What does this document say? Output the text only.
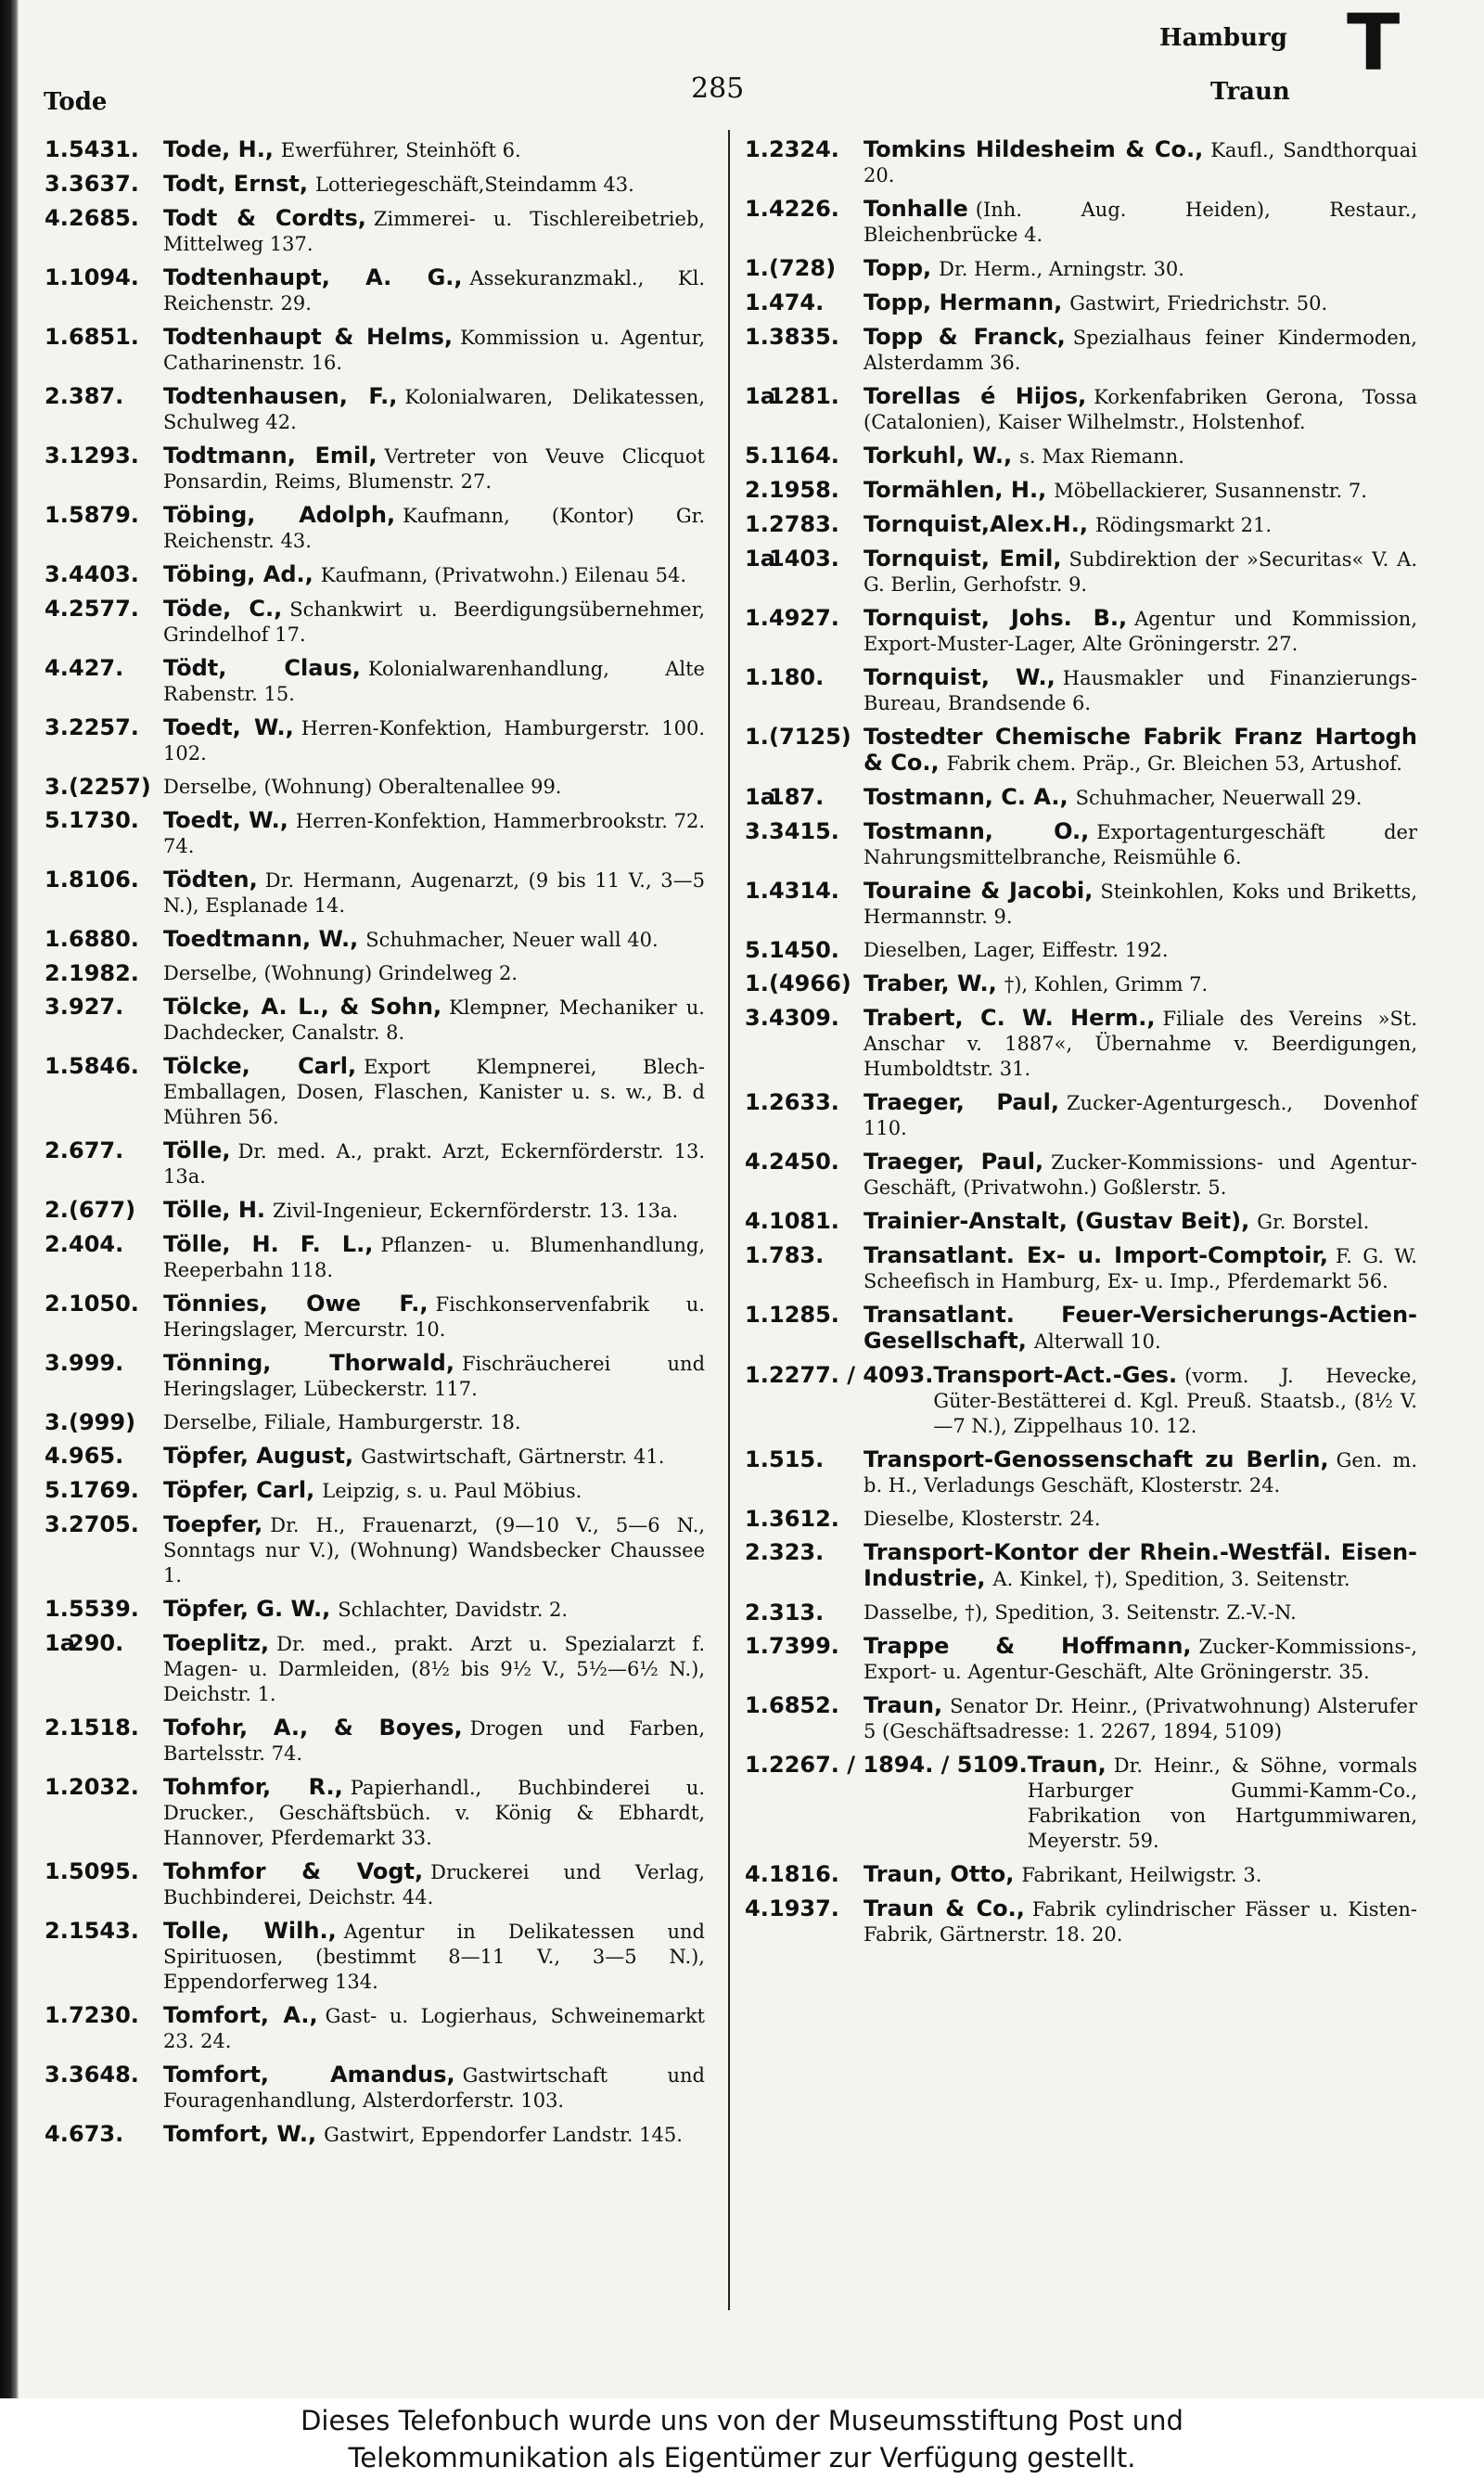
Tode	285
Hamburg
Traun
T
1.5431.	Tode, H., Ewerführer, Steinhöft 6.
3.3637.	Todt, Ernst, Lotteriegeschäft,Steindamm 43.
4.2685.	Todt & Cordts, Zimmerei- u. Tischlereibetrieb, Mittelweg 137.
1.1094.	Todtenhaupt, A. G., Assekuranzmakl., Kl. Reichenstr. 29.
1.6851.	Todtenhaupt & Helms, Kommission u. Agentur, Catharinenstr. 16.
2.387.	Todtenhausen, F., Kolonialwaren, Delikatessen, Schulweg 42.
3.1293.	Todtmann, Emil, Vertreter von Veuve Clicquot Ponsardin, Reims, Blumenstr. 27.
1.5879.	Töbing, Adolph, Kaufmann, (Kontor) Gr. Reichenstr. 43.
3.4403.	Töbing, Ad., Kaufmann, (Privatwohn.) Eilenau 54.
4.2577.	Töde, C., Schankwirt u. Beerdigungsübernehmer, Grindelhof 17.
4.427.	Tödt, Claus, Kolonialwarenhandlung, Alte Rabenstr. 15.
3.2257.	Toedt, W., Herren-Konfektion, Hamburgerstr. 100. 102.
3.(2257) Derselbe, (Wohnung) Oberaltenallee 99.
5.1730.	Toedt, W., Herren-Konfektion, Hammerbrookstr. 72. 74.
1.8106.	Tödten, Dr. Hermann, Augenarzt, (9 bis 11 V., 3—5 N.), Esplanade 14.
1.6880.	Toedtmann, W., Schuhmacher, Neuer wall 40.
2.1982.	Derselbe, (Wohnung) Grindelweg 2.
3.927.	Tölcke, A. L., & Sohn, Klempner, Mechaniker u. Dachdecker, Canalstr. 8.
1.5846.	Tölcke, Carl, Export Klempnerei, Blech-Emballagen, Dosen, Flaschen, Kanister u. s. w., B. d Mühren 56.
2.677.	Tölle, Dr. med. A., prakt. Arzt, Eckernförderstr. 13. 13a.
2.(677)	Tölle, H. Zivil-Ingenieur, Eckernförderstr. 13. 13a.
2.404.	Tölle, H. F. L., Pflanzen- u. Blumenhandlung, Reeperbahn 118.
2.1050.	Tönnies, Owe F., Fischkonservenfabrik u. Heringslager, Mercurstr. 10.
3.999.	Tönning, Thorwald, Fischräucherei und Heringslager, Lübeckerstr. 117.
3.(999)	Derselbe, Filiale, Hamburgerstr. 18.
4.965.	Töpfer, August, Gastwirtschaft, Gärtnerstr. 41.
5.1769.	Töpfer, Carl, Leipzig, s. u. Paul Möbius.
3.2705.	Toepfer, Dr. H., Frauenarzt, (9—10 V., 5—6 N., Sonntags nur V.), (Wohnung) Wandsbecker Chaussee 1.
1.5539.	Töpfer, G. W., Schlachter, Davidstr. 2.
1a290.	Toeplitz, Dr. med., prakt. Arzt u. Spezialarzt f. Magen- u. Darmleiden, (8½ bis 9½ V., 5½—6½ N.), Deichstr. 1.
2.1518.	Tofohr, A., & Boyes, Drogen und Farben, Bartelsstr. 74.
1.2032.	Tohmfor, R., Papierhandl., Buchbinderei u. Drucker., Geschäftsbüch. v. König & Ebhardt, Hannover, Pferdemarkt 33.
1.5095.	Tohmfor & Vogt, Druckerei und Verlag, Buchbinderei, Deichstr. 44.
2.1543.	Tolle, Wilh., Agentur in Delikatessen und Spirituosen, (bestimmt 8—11 V., 3—5 N.), Eppendorferweg 134.
1.7230.	Tomfort, A., Gast- u. Logierhaus, Schweinemarkt 23. 24.
3.3648.	Tomfort, Amandus, Gastwirtschaft und Fouragenhandlung, Alsterdorferstr. 103.
4.673.	Tomfort, W., Gastwirt, Eppendorfer Landstr. 145.
1.2324.	Tomkins Hildesheim & Co., Kaufl., Sandthorquai 20.
1.4226.	Tonhalle (Inh. Aug. Heiden), Restaur., Bleichenbrücke 4.
1.(728)	Topp, Dr. Herm., Arningstr. 30.
1.474.	Topp, Hermann, Gastwirt, Friedrichstr. 50.
1.3835.	Topp & Franck, Spezialhaus feiner Kindermoden, Alsterdamm 36.
1a1281.	Torellas é Hijos, Korkenfabriken Gerona, Tossa (Catalonien), Kaiser Wilhelmstr., Holstenhof.
5.1164.	Torkuhl, W., s. Max Riemann.
2.1958.	Tormählen, H., Möbellackierer, Susannenstr. 7.
1.2783.	Tornquist,Alex.H., Rödingsmarkt 21.
1a1403.	Tornquist, Emil, Subdirektion der »Securitas« V. A. G. Berlin, Gerhofstr. 9.
1.4927.	Tornquist, Johs. B., Agentur und Kommission, Export-Muster-Lager, Alte Gröningerstr. 27.
1.180.	Tornquist, W., Hausmakler und Finanzierungs-Bureau, Brandsende 6.
1.(7125) Tostedter Chemische Fabrik Franz Hartogh & Co., Fabrik chem. Präp., Gr. Bleichen 53, Artushof.
1a187.	Tostmann, C. A., Schuhmacher, Neuerwall 29.
3.3415.	Tostmann, O., Exportagenturgeschäft der Nahrungsmittelbranche, Reismühle 6.
1.4314.	Touraine & Jacobi, Steinkohlen, Koks und Briketts, Hermannstr. 9.
5.1450.	Dieselben, Lager, Eiffestr. 192.
1.(4966) Traber, W., †), Kohlen, Grimm 7.
3.4309.	Trabert, C. W. Herm., Filiale des Vereins »St. Anschar v. 1887«, Übernahme v. Beerdigungen, Humboldtstr. 31.
1.2633.	Traeger, Paul, Zucker-Agenturgesch., Dovenhof 110.
4.2450.	Traeger, Paul, Zucker-Kommissions- und Agentur-Geschäft, (Privatwohn.) Goßlerstr. 5.
4.1081.	Trainier-Anstalt, (Gustav Beit), Gr. Borstel.
1.783.	Transatlant. Ex- u. Import-Comptoir, F. G. W. Scheefisch in Hamburg, Ex- u. Imp., Pferdemarkt 56.
1.1285.	Transatlant. Feuer-Versicherungs-Actien-Gesellschaft, Alterwall 10.
1.2277. / 4093. Transport-Act.-Ges. (vorm. J. Hevecke, Güter-Bestätterei d. Kgl. Preuß. Staatsb., (8½ V.—7 N.), Zippelhaus 10. 12.
1.515.	Transport-Genossenschaft zu Berlin, Gen. m. b. H., Verladungs Geschäft, Klosterstr. 24.
1.3612.	Dieselbe, Klosterstr. 24.
2.323.	Transport-Kontor der Rhein.-Westfäl. Eisen-Industrie, A. Kinkel, †), Spedition, 3. Seitenstr.
2.313.	Dasselbe, †), Spedition, 3. Seitenstr. Z.-V.-N.
1.7399.	Trappe & Hoffmann, Zucker-Kommissions-, Export- u. Agentur-Geschäft, Alte Gröningerstr. 35.
1.6852.	Traun, Senator Dr. Heinr., (Privatwohnung) Alsterufer 5 (Geschäftsadresse: 1. 2267, 1894, 5109)
1.2267. / 1894. / 5109. Traun, Dr. Heinr., & Söhne, vormals Harburger Gummi-Kamm-Co., Fabrikation von Hartgummiwaren, Meyerstr. 59.
4.1816.	Traun, Otto, Fabrikant, Heilwigstr. 3.
4.1937.	Traun & Co., Fabrik cylindrischer Fässer u. Kisten-Fabrik, Gärtnerstr. 18. 20.
Dieses Telefonbuch wurde uns von der Museumsstiftung Post und
Telekommunikation als Eigentümer zur Verfügung gestellt.
